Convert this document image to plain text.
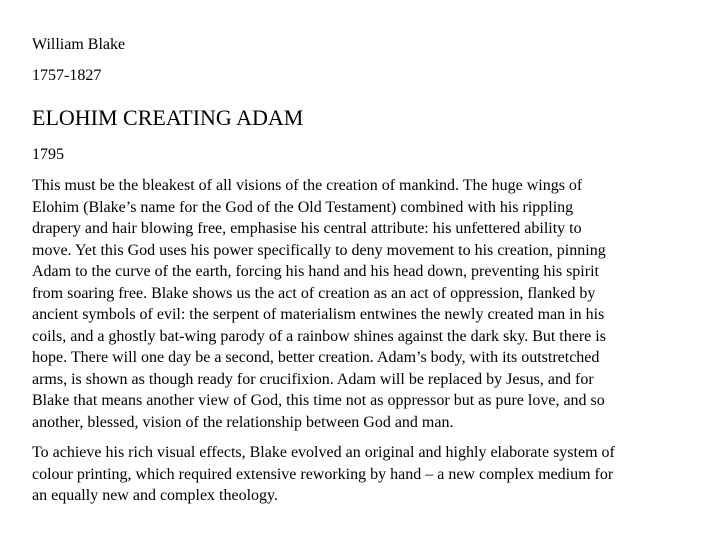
William Blake
1757-1827
ELOHIM CREATING ADAM
1795

This must be the bleakest of all visions of the creation of mankind. The huge wings of
Elohim (Blake’s name for the God of the Old Testament) combined with his rippling
drapery and hair blowing free, emphasise his central attribute: his unfettered ability to
move. Yet this God uses his power specifically to deny movement to his creation, pinning
Adam to the curve of the earth, forcing his hand and his head down, preventing his spirit
from soaring free. Blake shows us the act of creation as an act of oppression, flanked by
ancient symbols of evil: the serpent of materialism entwines the newly created man in his
coils, and a ghostly bat-wing parody of a rainbow shines against the dark sky. But there is
hope. There will one day be a second, better creation. Adam’s body, with its outstretched
arms, is shown as though ready for crucifixion. Adam will be replaced by Jesus, and for
Blake that means another view of God, this time not as oppressor but as pure love, and so
another, blessed, vision of the relationship between God and man.

To achieve his rich visual effects, Blake evolved an original and highly elaborate system of
colour printing, which required extensive reworking by hand – a new complex medium for
an equally new and complex theology.
